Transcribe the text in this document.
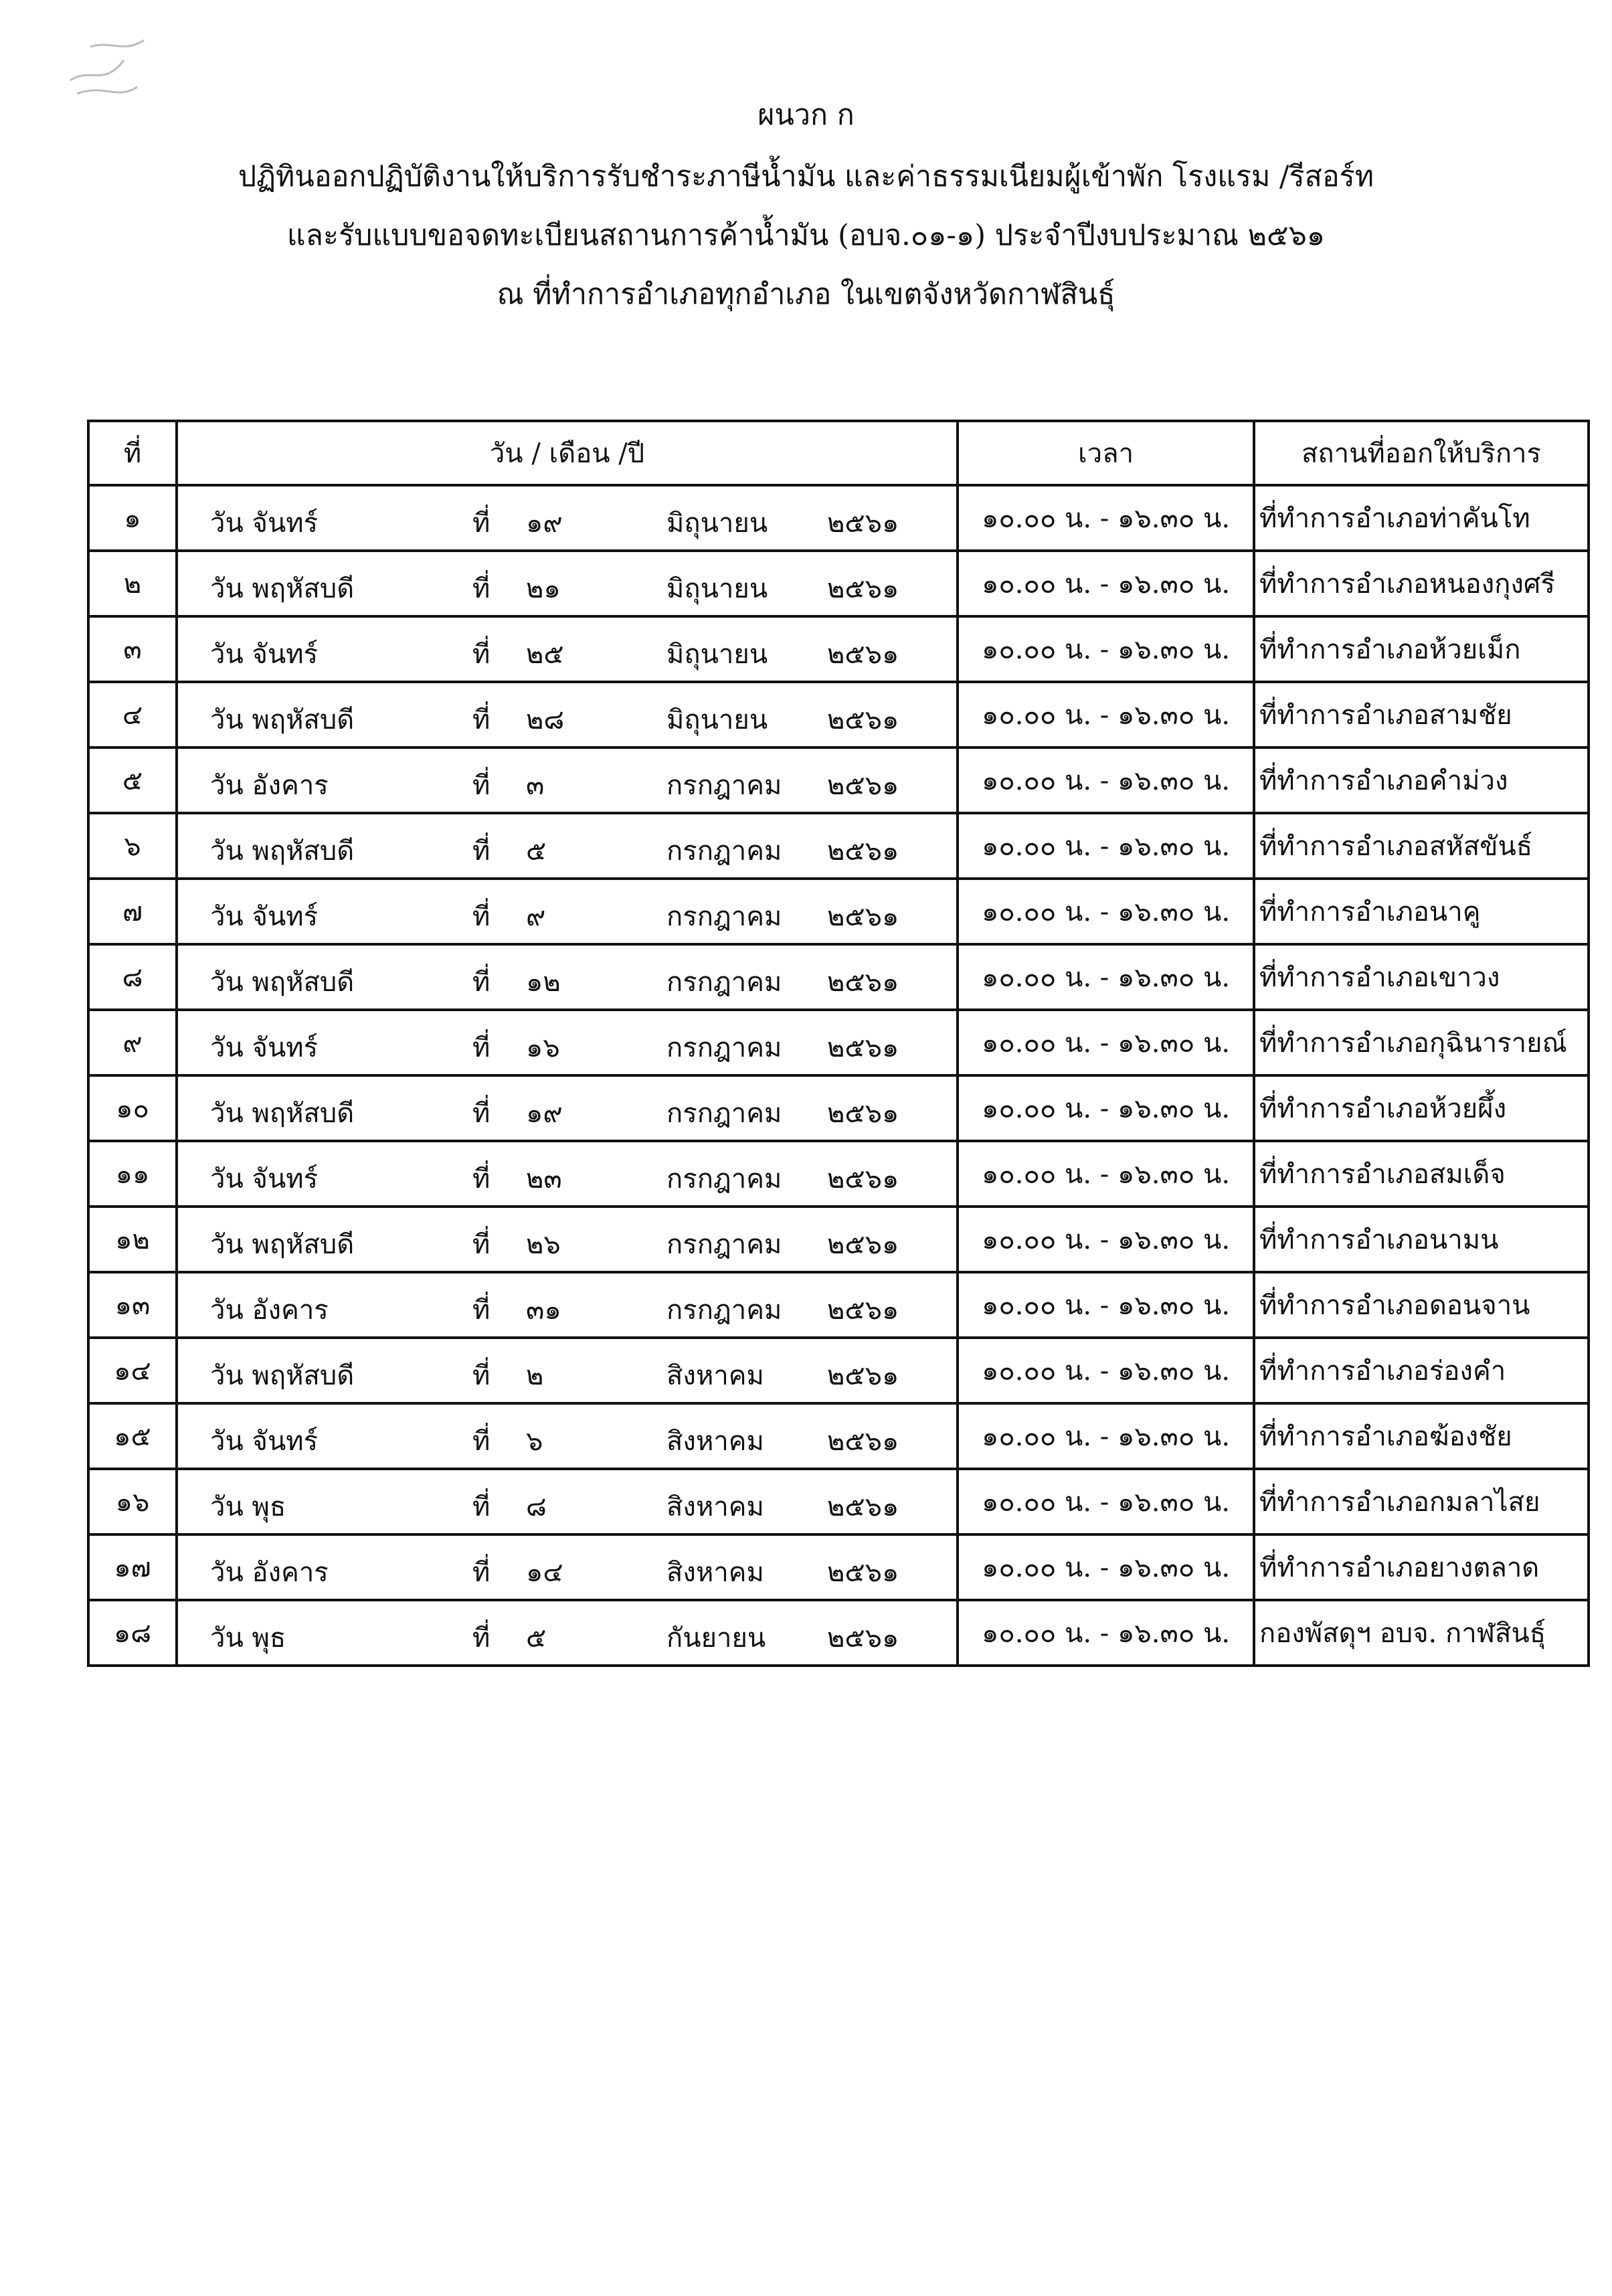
ผนวก ก
ปฏิทินออกปฏิบัติงานให้บริการรับชำระภาษีน้ำมัน และค่าธรรมเนียมผู้เข้าพัก โรงแรม /รีสอร์ท
และรับแบบขอจดทะเบียนสถานการค้าน้ำมัน (อบจ.๐๑-๑) ประจำปีงบประมาณ ๒๕๖๑
ณ ที่ทำการอำเภอทุกอำเภอ ในเขตจังหวัดกาฬสินธุ์
ที่	วัน / เดือน /ปี	เวลา	สถานที่ออกให้บริการ
๑	วัน จันทร์ ที่ ๑๙ มิถุนายน ๒๕๖๑	๑๐.๐๐ น. - ๑๖.๓๐ น.	ที่ทำการอำเภอท่าคันโท
๒	วัน พฤหัสบดี ที่ ๒๑ มิถุนายน ๒๕๖๑	๑๐.๐๐ น. - ๑๖.๓๐ น.	ที่ทำการอำเภอหนองกุงศรี
๓	วัน จันทร์ ที่ ๒๕ มิถุนายน ๒๕๖๑	๑๐.๐๐ น. - ๑๖.๓๐ น.	ที่ทำการอำเภอห้วยเม็ก
๔	วัน พฤหัสบดี ที่ ๒๘ มิถุนายน ๒๕๖๑	๑๐.๐๐ น. - ๑๖.๓๐ น.	ที่ทำการอำเภอสามชัย
๕	วัน อังคาร ที่ ๓ กรกฎาคม ๒๕๖๑	๑๐.๐๐ น. - ๑๖.๓๐ น.	ที่ทำการอำเภอคำม่วง
๖	วัน พฤหัสบดี ที่ ๕ กรกฎาคม ๒๕๖๑	๑๐.๐๐ น. - ๑๖.๓๐ น.	ที่ทำการอำเภอสหัสขันธ์
๗	วัน จันทร์ ที่ ๙ กรกฎาคม ๒๕๖๑	๑๐.๐๐ น. - ๑๖.๓๐ น.	ที่ทำการอำเภอนาคู
๘	วัน พฤหัสบดี ที่ ๑๒ กรกฎาคม ๒๕๖๑	๑๐.๐๐ น. - ๑๖.๓๐ น.	ที่ทำการอำเภอเขาวง
๙	วัน จันทร์ ที่ ๑๖ กรกฎาคม ๒๕๖๑	๑๐.๐๐ น. - ๑๖.๓๐ น.	ที่ทำการอำเภอกุฉินารายณ์
๑๐	วัน พฤหัสบดี ที่ ๑๙ กรกฎาคม ๒๕๖๑	๑๐.๐๐ น. - ๑๖.๓๐ น.	ที่ทำการอำเภอห้วยผึ้ง
๑๑	วัน จันทร์ ที่ ๒๓ กรกฎาคม ๒๕๖๑	๑๐.๐๐ น. - ๑๖.๓๐ น.	ที่ทำการอำเภอสมเด็จ
๑๒	วัน พฤหัสบดี ที่ ๒๖ กรกฎาคม ๒๕๖๑	๑๐.๐๐ น. - ๑๖.๓๐ น.	ที่ทำการอำเภอนามน
๑๓	วัน อังคาร ที่ ๓๑ กรกฎาคม ๒๕๖๑	๑๐.๐๐ น. - ๑๖.๓๐ น.	ที่ทำการอำเภอดอนจาน
๑๔	วัน พฤหัสบดี ที่ ๒ สิงหาคม ๒๕๖๑	๑๐.๐๐ น. - ๑๖.๓๐ น.	ที่ทำการอำเภอร่องคำ
๑๕	วัน จันทร์ ที่ ๖ สิงหาคม ๒๕๖๑	๑๐.๐๐ น. - ๑๖.๓๐ น.	ที่ทำการอำเภอฆ้องชัย
๑๖	วัน พุธ ที่ ๘ สิงหาคม ๒๕๖๑	๑๐.๐๐ น. - ๑๖.๓๐ น.	ที่ทำการอำเภอกมลาไสย
๑๗	วัน อังคาร ที่ ๑๔ สิงหาคม ๒๕๖๑	๑๐.๐๐ น. - ๑๖.๓๐ น.	ที่ทำการอำเภอยางตลาด
๑๘	วัน พุธ ที่ ๕ กันยายน ๒๕๖๑	๑๐.๐๐ น. - ๑๖.๓๐ น.	กองพัสดุฯ อบจ. กาฬสินธุ์
